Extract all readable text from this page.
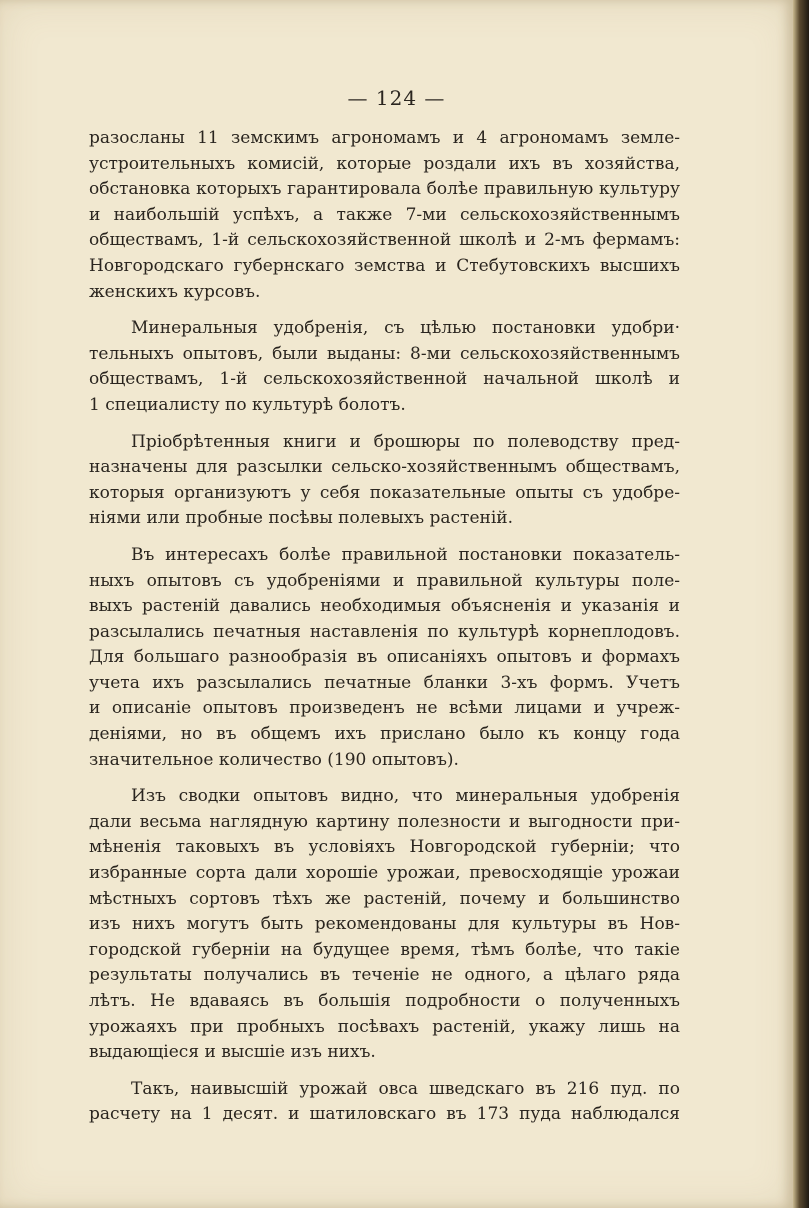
— 124 —
разосланы 11 земскимъ агрономамъ и 4 агрономамъ земле-
устроительныхъ комисій, которые роздали ихъ въ хозяйства,
обстановка которыхъ гарантировала болѣе правильную культуру
и наибольшій успѣхъ, а также 7-ми сельскохозяйственнымъ
обществамъ, 1-й сельскохозяйственной школѣ и 2-мъ фермамъ:
Новгородскаго губернскаго земства и Стебутовскихъ высшихъ
женскихъ курсовъ.
Минеральныя удобренія, съ цѣлью постановки удобри·
тельныхъ опытовъ, были выданы: 8-ми сельскохозяйственнымъ
обществамъ, 1-й сельскохозяйственной начальной школѣ и
1 специалисту по культурѣ болотъ.
Пріобрѣтенныя книги и брошюры по полеводству пред-
назначены для разсылки сельско-хозяйственнымъ обществамъ,
которыя организуютъ у себя показательные опыты съ удобре-
ніями или пробные посѣвы полевыхъ растеній.
Въ интересахъ болѣе правильной постановки показатель-
ныхъ опытовъ съ удобреніями и правильной культуры поле-
выхъ растеній давались необходимыя объясненія и указанія и
разсылались печатныя наставленія по культурѣ корнеплодовъ.
Для большаго разнообразія въ описаніяхъ опытовъ и формахъ
учета ихъ разсылались печатные бланки 3-хъ формъ. Учетъ
и описаніе опытовъ произведенъ не всѣми лицами и учреж-
деніями, но въ общемъ ихъ прислано было къ концу года
значительное количество (190 опытовъ).
Изъ сводки опытовъ видно, что минеральныя удобренія
дали весьма наглядную картину полезности и выгодности при-
мѣненія таковыхъ въ условіяхъ Новгородской губерніи; что
избранные сорта дали хорошіе урожаи, превосходящіе урожаи
мѣстныхъ сортовъ тѣхъ же растеній, почему и большинство
изъ нихъ могутъ быть рекомендованы для культуры въ Нов-
городской губерніи на будущее время, тѣмъ болѣе, что такіе
результаты получались въ теченіе не одного, а цѣлаго ряда
лѣтъ. Не вдаваясь въ большія подробности о полученныхъ
урожаяхъ при пробныхъ посѣвахъ растеній, укажу лишь на
выдающіеся и высшіе изъ нихъ.
Такъ, наивысшій урожай овса шведскаго въ 216 пуд. по
расчету на 1 десят. и шатиловскаго въ 173 пуда наблюдался
